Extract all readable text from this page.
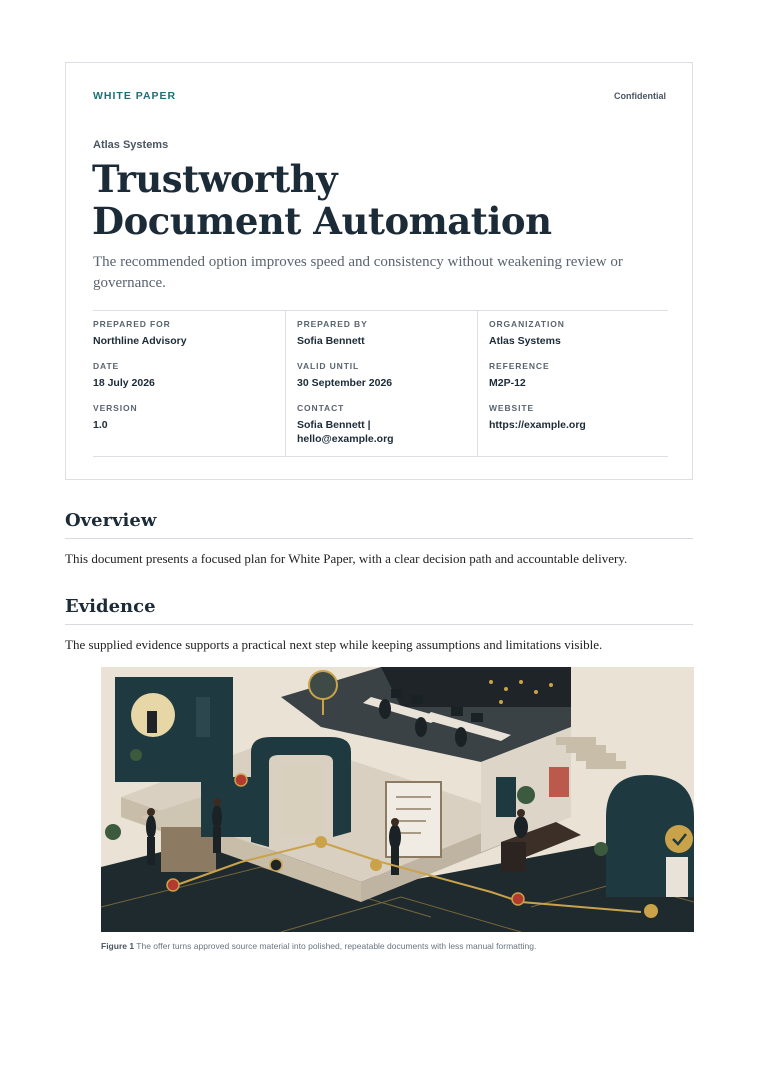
WHITE PAPER	Confidential
Atlas Systems
Trustworthy
Document Automation

The recommended option improves speed and consistency without weakening review or governance.

PREPARED FOR
Northline Advisory
DATE
18 July 2026
VERSION
1.0
PREPARED BY
Sofia Bennett
VALID UNTIL
30 September 2026
CONTACT
Sofia Bennett | hello@example.org
ORGANIZATION
Atlas Systems
REFERENCE
M2P-12
WEBSITE
https://example.org
Overview

This document presents a focused plan for White Paper, with a clear decision path and accountable delivery.

Evidence

The supplied evidence supports a practical next step while keeping assumptions and limitations visible.

Figure 1 The offer turns approved source material into polished, repeatable documents with less manual formatting.
